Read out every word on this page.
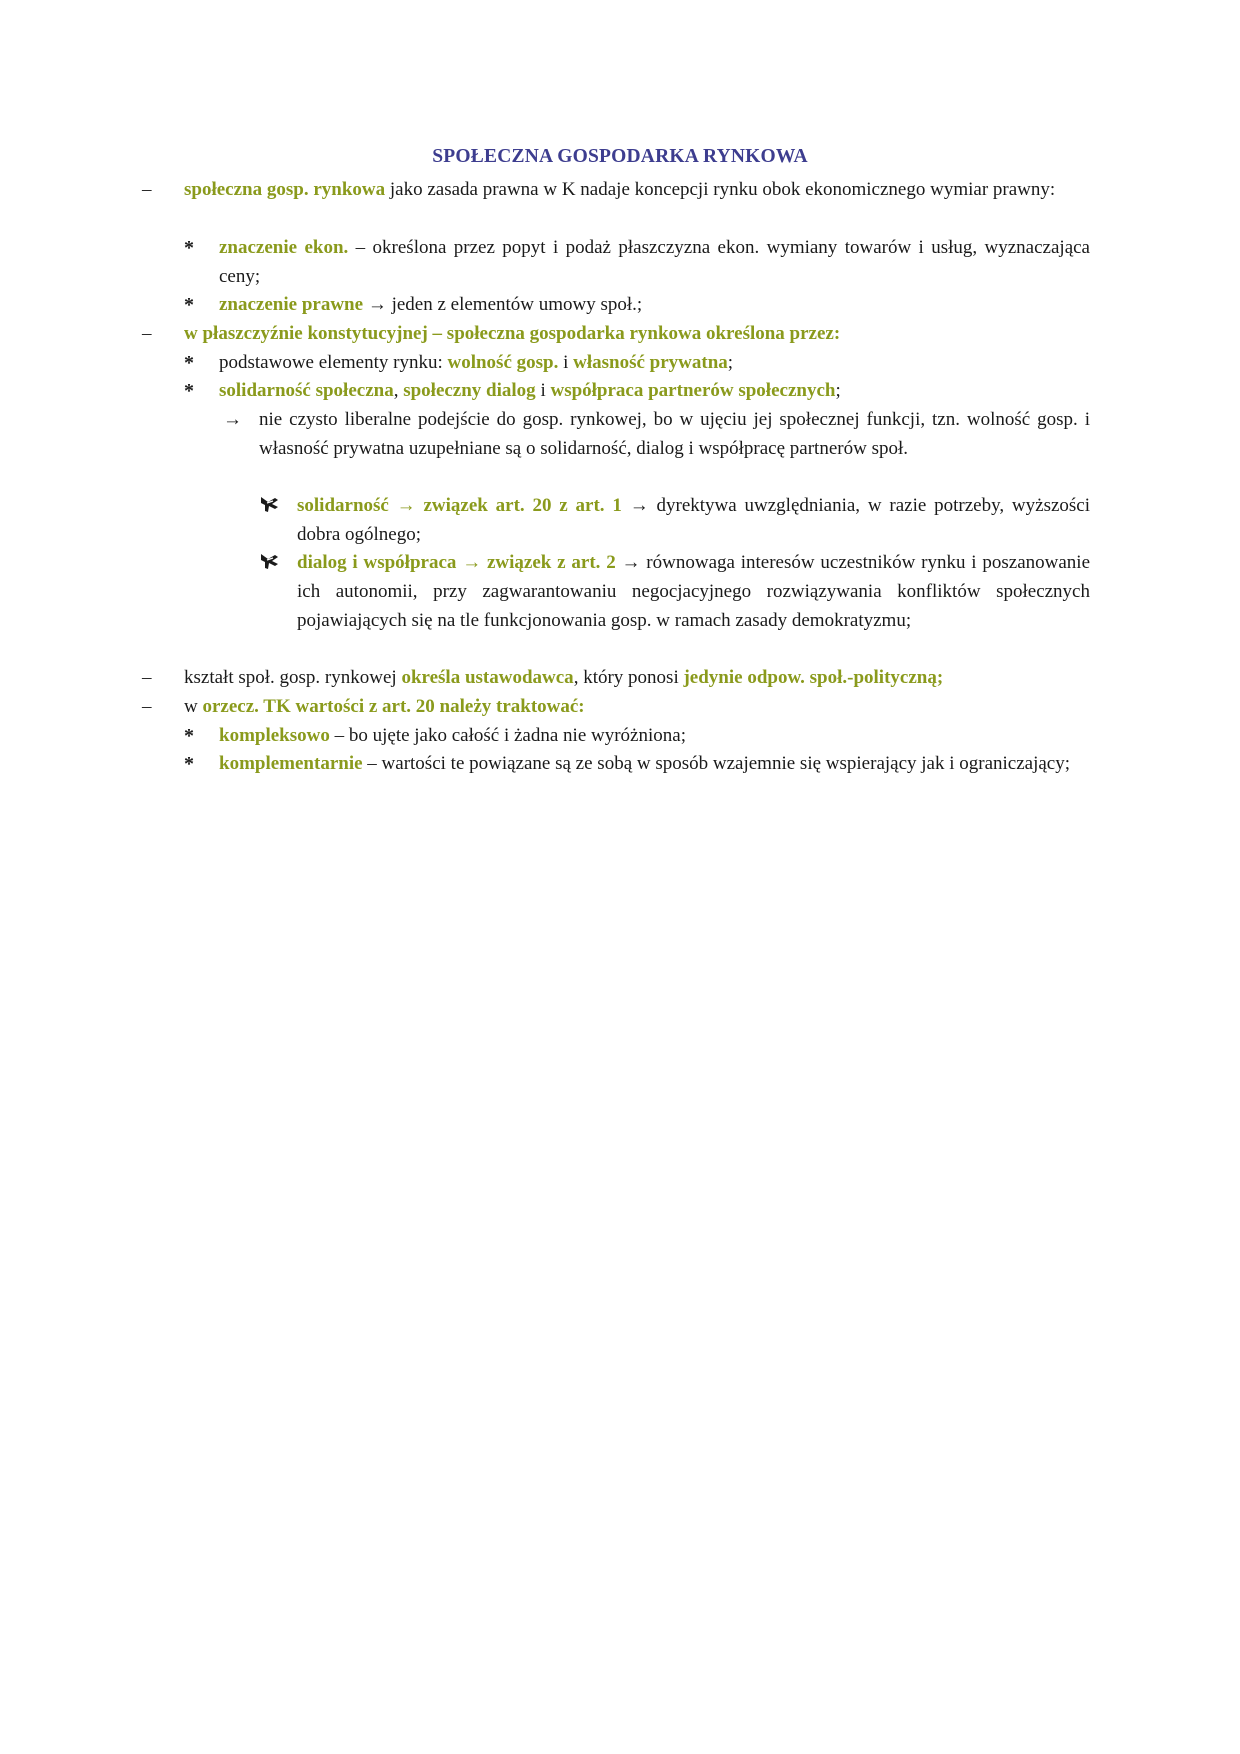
SPOŁECZNA GOSPODARKA RYNKOWA
– społeczna gosp. rynkowa jako zasada prawna w K nadaje koncepcji rynku obok ekonomicznego wymiar prawny:
* znaczenie ekon. – określona przez popyt i podaż płaszczyzna ekon. wymiany towarów i usług, wyznaczająca ceny;
* znaczenie prawne → jeden z elementów umowy społ.;
– w płaszczyźnie konstytucyjnej – społeczna gospodarka rynkowa określona przez:
* podstawowe elementy rynku: wolność gosp. i własność prywatna;
* solidarność społeczna, społeczny dialog i współpraca partnerów społecznych;
→ nie czysto liberalne podejście do gosp. rynkowej, bo w ujęciu jej społecznej funkcji, tzn. wolność gosp. i własność prywatna uzupełniane są o solidarność, dialog i współpracę partnerów społ.
solidarność → związek art. 20 z art. 1 → dyrektywa uwzględniania, w razie potrzeby, wyższości dobra ogólnego;
dialog i współpraca → związek z art. 2 → równowaga interesów uczestników rynku i poszanowanie ich autonomii, przy zagwarantowaniu negocjacyjnego rozwiązywania konfliktów społecznych pojawiających się na tle funkcjonowania gosp. w ramach zasady demokratyzmu;
– kształt społ. gosp. rynkowej określa ustawodawca, który ponosi jedynie odpow. społ.-polityczną;
– w orzecz. TK wartości z art. 20 należy traktować:
* kompleksowo – bo ujęte jako całość i żadna nie wyróżniona;
* komplementarnie – wartości te powiązane są ze sobą w sposób wzajemnie się wspierający jak i ograniczający;
